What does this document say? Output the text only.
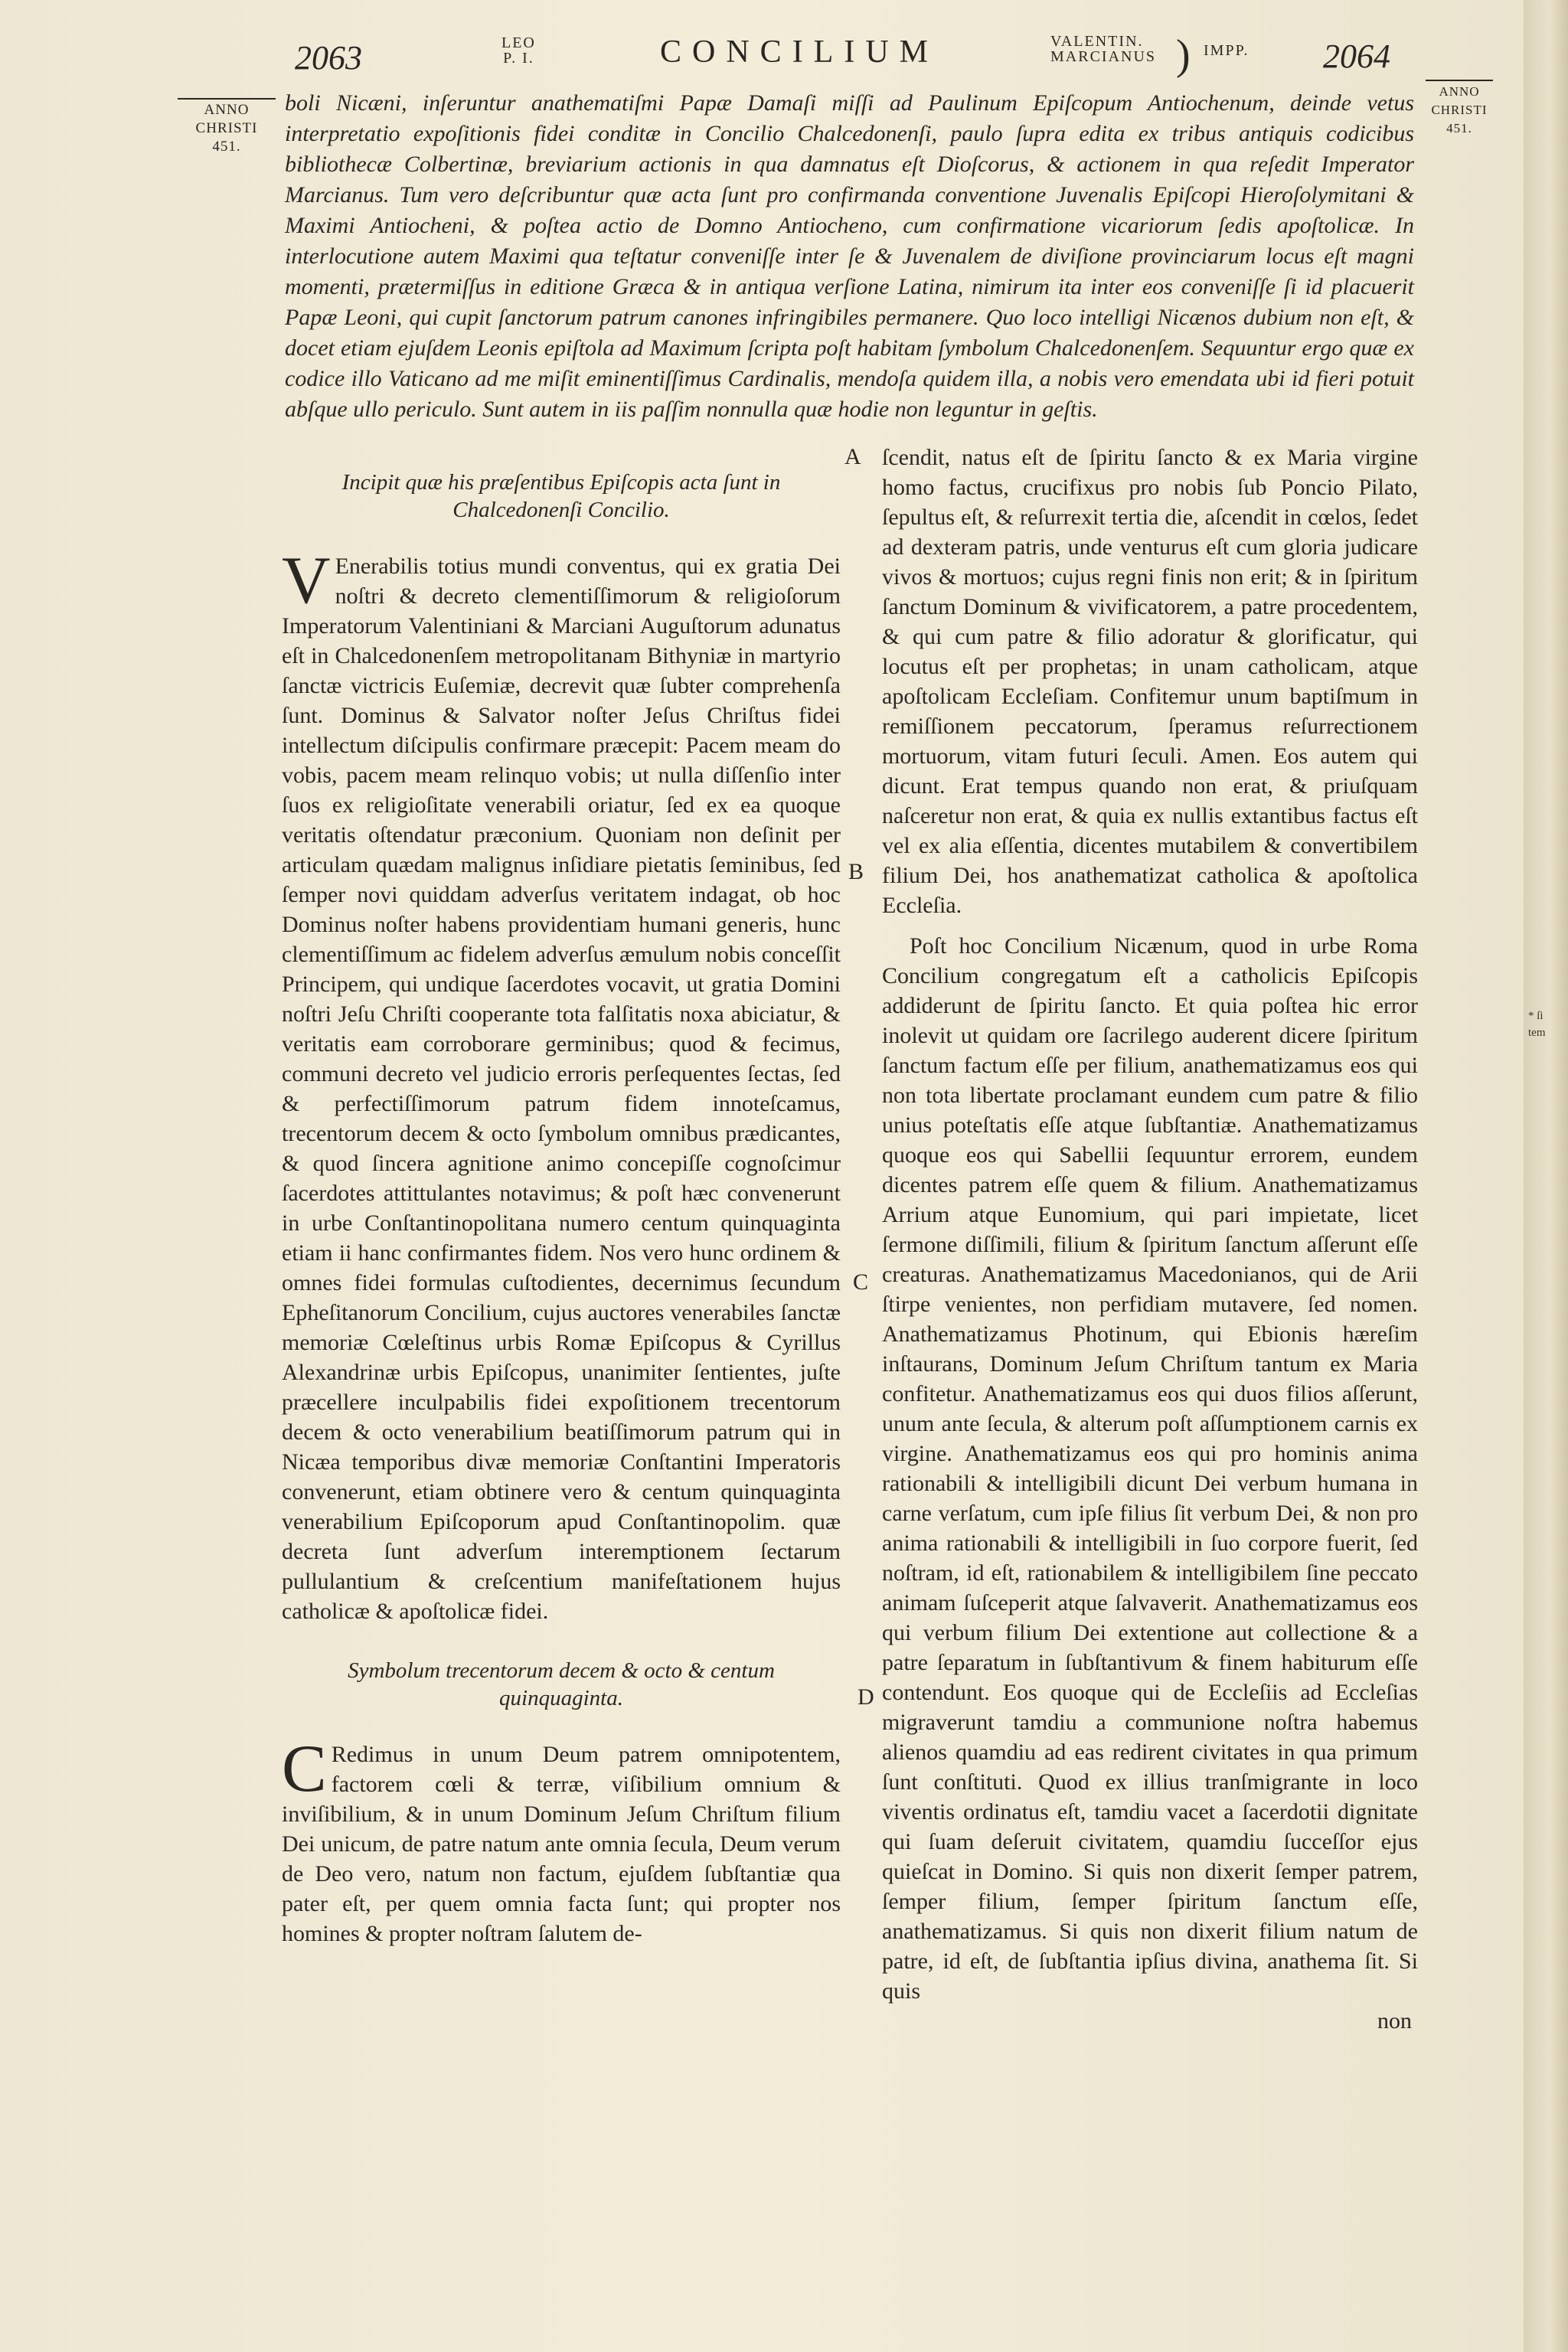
2063	LEO
P. I.	CONCILIUM	VALENTIN.
MARCIANUS ) IMPP. 2064
ANNO
CHRISTI
451.
ANNO
CHRISTI
451.
boli Nicæni, inſeruntur anathematiſmi Papæ Damaſi miſſi ad Paulinum Epiſcopum Antiochenum, deinde vetus interpretatio expoſitionis fidei conditæ in Concilio Chalcedonenſi, paulo ſupra edita ex tribus antiquis codicibus bibliothecæ Colbertinæ, breviarium actionis in qua damnatus eſt Dioſcorus, & actionem in qua reſedit Imperator Marcianus. Tum vero deſcribuntur quæ acta ſunt pro confirmanda conventione Juvenalis Epiſcopi Hieroſolymitani & Maximi Antiocheni, & poſtea actio de Domno Antiocheno, cum confirmatione vicariorum ſedis apoſtolicæ. In interlocutione autem Maximi qua teſtatur conveniſſe inter ſe & Juvenalem de diviſione provinciarum locus eſt magni momenti, prætermiſſus in editione Græca & in antiqua verſione Latina, nimirum ita inter eos conveniſſe ſi id placuerit Papæ Leoni, qui cupit ſanctorum patrum canones infringibiles permanere. Quo loco intelligi Nicænos dubium non eſt, & docet etiam ejuſdem Leonis epiſtola ad Maximum ſcripta poſt habitam ſymbolum Chalcedonenſem. Sequuntur ergo quæ ex codice illo Vaticano ad me miſit eminentiſſimus Cardinalis, mendoſa quidem illa, a nobis vero emendata ubi id fieri potuit abſque ullo periculo. Sunt autem in iis paſſim nonnulla quæ hodie non leguntur in geſtis.

Incipit quæ his præſentibus Epiſcopis acta ſunt in Chalcedonenſi Concilio.

V Enerabilis totius mundi conventus, qui ex gratia Dei noſtri & decreto clementiſſimorum & religioſorum Imperatorum Valentiniani & Marciani Auguſtorum adunatus eſt in Chalcedonenſem metropolitanam Bithyniæ in martyrio ſanctæ victricis Euſemiæ, decrevit quæ ſubter comprehenſa ſunt. Dominus & Salvator noſter Jeſus Chriſtus fidei intellectum diſcipulis confirmare præcepit: Pacem meam do vobis, pacem meam relinquo vobis; ut nulla diſſenſio inter ſuos ex religioſitate venerabili oriatur, ſed ex ea quoque veritatis oſtendatur præconium. Quoniam non deſinit per articulam quædam malignus inſidiare pietatis ſeminibus, ſed ſemper novi quiddam adverſus veritatem indagat, ob hoc Dominus noſter habens providentiam humani generis, hunc clementiſſimum ac fidelem adverſus æmulum nobis conceſſit Principem, qui undique ſacerdotes vocavit, ut gratia Domini noſtri Jeſu Chriſti cooperante tota falſitatis noxa abiciatur, & veritatis eam corroborare germinibus; quod & fecimus, communi decreto vel judicio erroris perſequentes ſectas, ſed & perfectiſſimorum patrum fidem innoteſcamus, trecentorum decem & octo ſymbolum omnibus prædicantes, & quod ſincera agnitione animo concepiſſe cognoſcimur ſacerdotes attittulantes notavimus; & poſt hæc convenerunt in urbe Conſtantinopolitana numero centum quinquaginta etiam ii hanc confirmantes fidem. Nos vero hunc ordinem & omnes fidei formulas cuſtodientes, decernimus ſecundum Epheſitanorum Concilium, cujus auctores venerabiles ſanctæ memoriæ Cœleſtinus urbis Romæ Epiſcopus & Cyrillus Alexandrinæ urbis Epiſcopus, unanimiter ſentientes, juſte præcellere inculpabilis fidei expoſitionem trecentorum decem & octo venerabilium beatiſſimorum patrum qui in Nicæa temporibus divæ memoriæ Conſtantini Imperatoris convenerunt, etiam obtinere vero & centum quinquaginta venerabilium Epiſcoporum apud Conſtantinopolim. quæ decreta ſunt adverſum interemptionem ſectarum pullulantium & creſcentium manifeſtationem hujus catholicæ & apoſtolicæ fidei.

Symbolum trecentorum decem & octo & centum quinquaginta.

C Redimus in unum Deum patrem omnipotentem, factorem cœli & terræ, viſibilium omnium & inviſibilium, & in unum Dominum Jeſum Chriſtum filium Dei unicum, de patre natum ante omnia ſecula, Deum verum de Deo vero, natum non factum, ejuſdem ſubſtantiæ qua pater eſt, per quem omnia facta ſunt; qui propter nos homines & propter noſtram ſalutem de-

A
B
C
D

ſcendit, natus eſt de ſpiritu ſancto & ex Maria virgine homo factus, crucifixus pro nobis ſub Poncio Pilato, ſepultus eſt, & reſurrexit tertia die, aſcendit in cœlos, ſedet ad dexteram patris, unde venturus eſt cum gloria judicare vivos & mortuos; cujus regni finis non erit; & in ſpiritum ſanctum Dominum & vivificatorem, a patre procedentem, & qui cum patre & filio adoratur & glorificatur, qui locutus eſt per prophetas; in unam catholicam, atque apoſtolicam Eccleſiam. Confitemur unum baptiſmum in remiſſionem peccatorum, ſperamus reſurrectionem mortuorum, vitam futuri ſeculi. Amen. Eos autem qui dicunt. Erat tempus quando non erat, & priuſquam naſceretur non erat, & quia ex nullis extantibus factus eſt vel ex alia eſſentia, dicentes mutabilem & convertibilem filium Dei, hos anathematizat catholica & apoſtolica Eccleſia.

Poſt hoc Concilium Nicænum, quod in urbe Roma Concilium congregatum eſt a catholicis Epiſcopis addiderunt de ſpiritu ſancto. Et quia poſtea hic error inolevit ut quidam ore ſacrilego auderent dicere ſpiritum ſanctum factum eſſe per filium, anathematizamus eos qui non tota libertate proclamant eundem cum patre & filio unius poteſtatis eſſe atque ſubſtantiæ. Anathematizamus quoque eos qui Sabellii ſequuntur errorem, eundem dicentes patrem eſſe quem & filium. Anathematizamus Arrium atque Eunomium, qui pari impietate, licet ſermone diſſimili, filium & ſpiritum ſanctum aſſerunt eſſe creaturas. Anathematizamus Macedonianos, qui de Arii ſtirpe venientes, non perfidiam mutavere, ſed nomen. Anathematizamus Photinum, qui Ebionis hæreſim inſtaurans, Dominum Jeſum Chriſtum tantum ex Maria confitetur. Anathematizamus eos qui duos filios aſſerunt, unum ante ſecula, & alterum poſt aſſumptionem carnis ex virgine. Anathematizamus eos qui pro hominis anima rationabili & intelligibili dicunt Dei verbum humana in carne verſatum, cum ipſe filius ſit verbum Dei, & non pro anima rationabili & intelligibili in ſuo corpore fuerit, ſed noſtram, id eſt, rationabilem & intelligibilem ſine peccato animam ſuſceperit atque ſalvaverit. Anathematizamus eos qui verbum filium Dei extentione aut collectione & a patre ſeparatum in ſubſtantivum & finem habiturum eſſe contendunt. Eos quoque qui de Eccleſiis ad Eccleſias migraverunt tamdiu a communione noſtra habemus alienos quamdiu ad eas redirent civitates in qua primum ſunt conſtituti. Quod ex illius tranſmigrante in loco viventis ordinatus eſt, tamdiu vacet a ſacerdotii dignitate qui ſuam deſeruit civitatem, quamdiu ſucceſſor ejus quieſcat in Domino. Si quis non dixerit ſemper patrem, ſemper filium, ſemper ſpiritum ſanctum eſſe, anathematizamus. Si quis non dixerit filium natum de patre, id eſt, de ſubſtantia ipſius divina, anathema ſit. Si quis

non

* ſi
tem
